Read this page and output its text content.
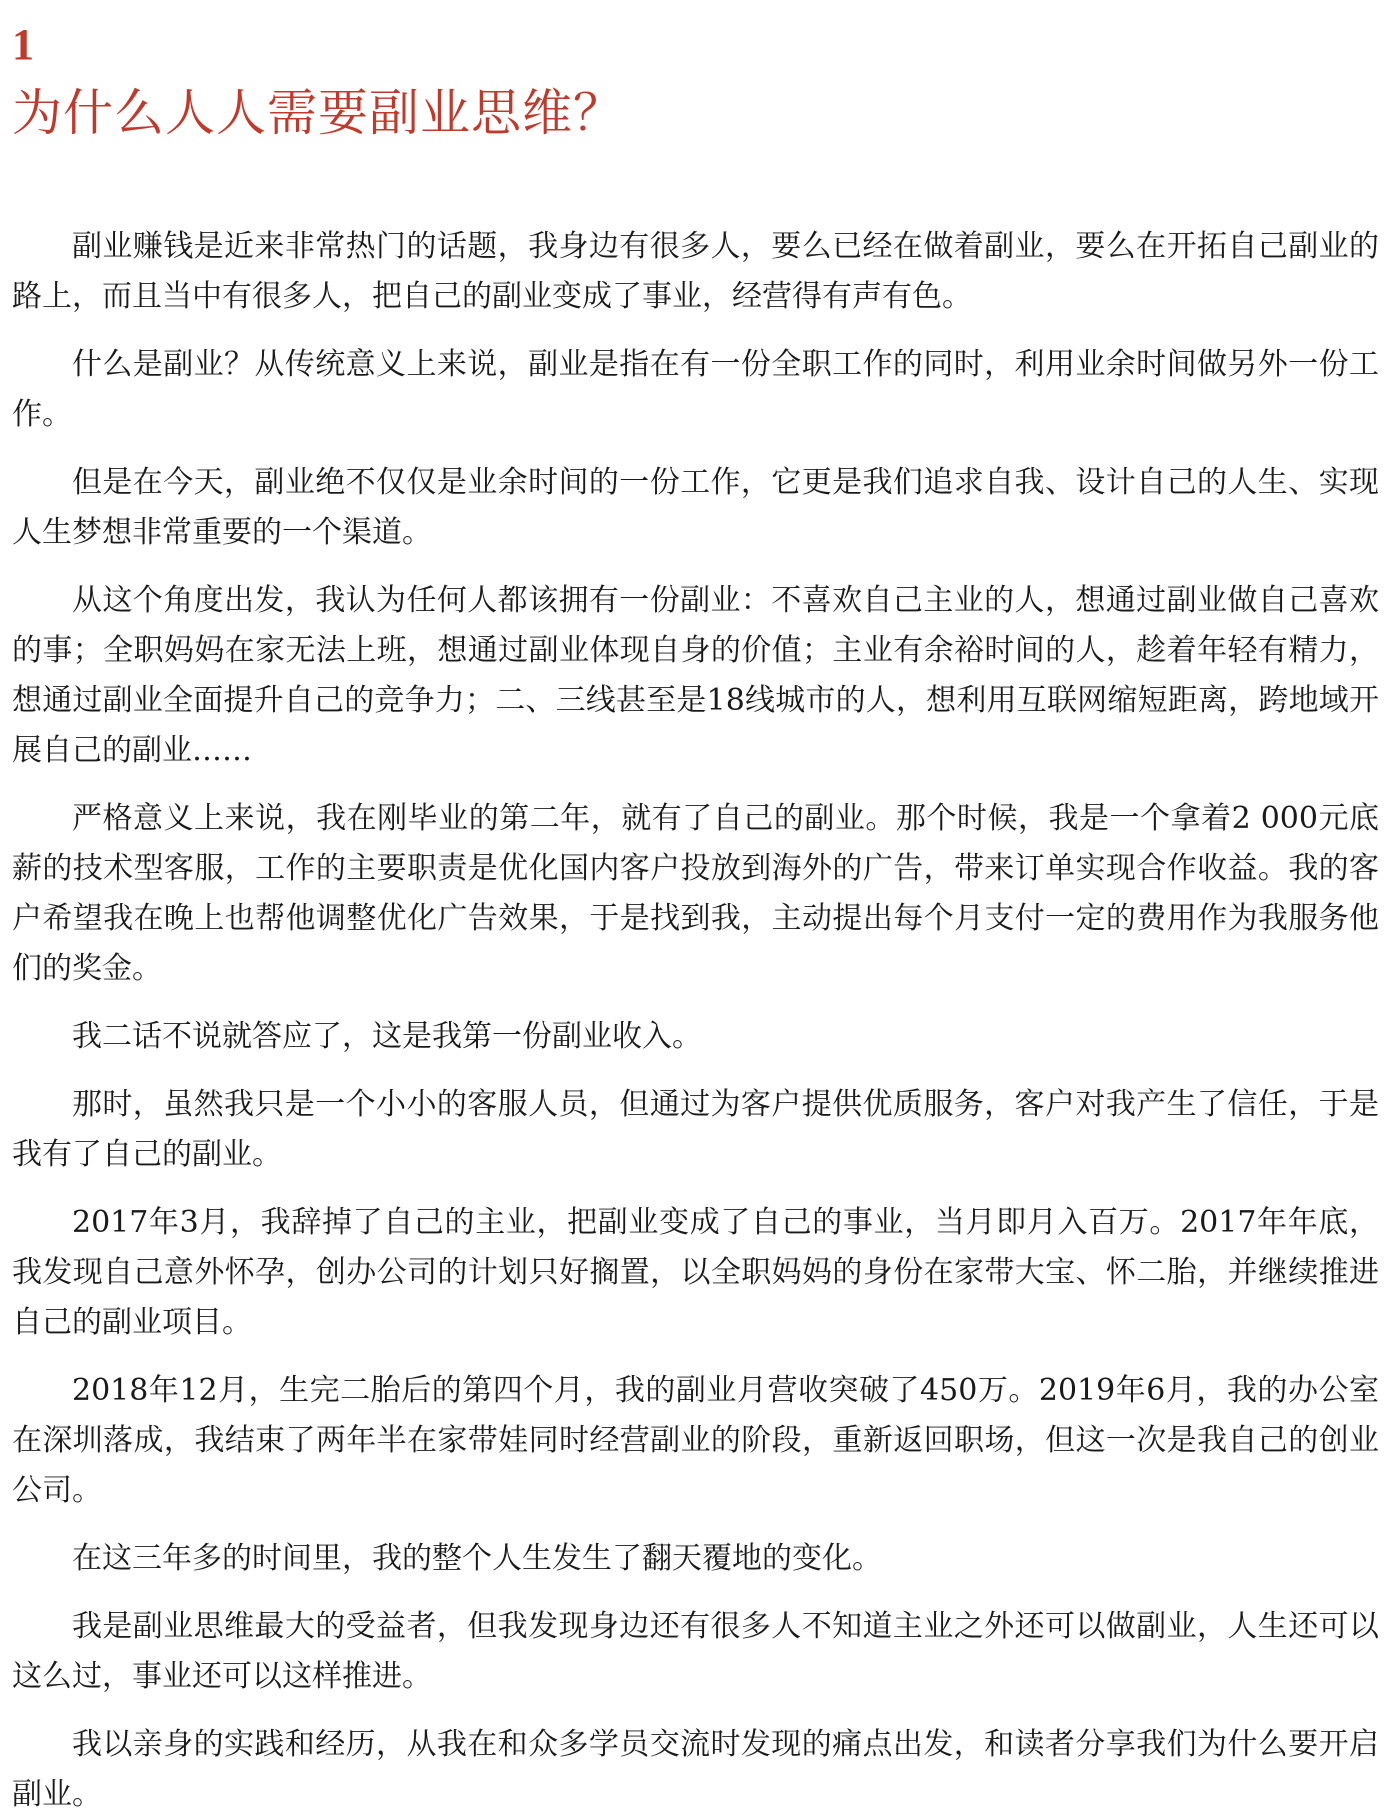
1
为什么人人需要副业思维？

副业赚钱是近来非常热门的话题，我身边有很多人，要么已经在做着副业，要么在开拓自己副业的路上，而且当中有很多人，把自己的副业变成了事业，经营得有声有色。

什么是副业？从传统意义上来说，副业是指在有一份全职工作的同时，利用业余时间做另外一份工作。

但是在今天，副业绝不仅仅是业余时间的一份工作，它更是我们追求自我、设计自己的人生、实现人生梦想非常重要的一个渠道。

从这个角度出发，我认为任何人都该拥有一份副业：不喜欢自己主业的人，想通过副业做自己喜欢的事；全职妈妈在家无法上班，想通过副业体现自身的价值；主业有余裕时间的人，趁着年轻有精力，想通过副业全面提升自己的竞争力；二、三线甚至是18线城市的人，想利用互联网缩短距离，跨地域开展自己的副业……

严格意义上来说，我在刚毕业的第二年，就有了自己的副业。那个时候，我是一个拿着2 000元底薪的技术型客服，工作的主要职责是优化国内客户投放到海外的广告，带来订单实现合作收益。我的客户希望我在晚上也帮他调整优化广告效果，于是找到我，主动提出每个月支付一定的费用作为我服务他们的奖金。

我二话不说就答应了，这是我第一份副业收入。

那时，虽然我只是一个小小的客服人员，但通过为客户提供优质服务，客户对我产生了信任，于是我有了自己的副业。

2017年3月，我辞掉了自己的主业，把副业变成了自己的事业，当月即月入百万。2017年年底，我发现自己意外怀孕，创办公司的计划只好搁置，以全职妈妈的身份在家带大宝、怀二胎，并继续推进自己的副业项目。

2018年12月，生完二胎后的第四个月，我的副业月营收突破了450万。2019年6月，我的办公室在深圳落成，我结束了两年半在家带娃同时经营副业的阶段，重新返回职场，但这一次是我自己的创业公司。

在这三年多的时间里，我的整个人生发生了翻天覆地的变化。

我是副业思维最大的受益者，但我发现身边还有很多人不知道主业之外还可以做副业，人生还可以这么过，事业还可以这样推进。

我以亲身的实践和经历，从我在和众多学员交流时发现的痛点出发，和读者分享我们为什么要开启副业。
